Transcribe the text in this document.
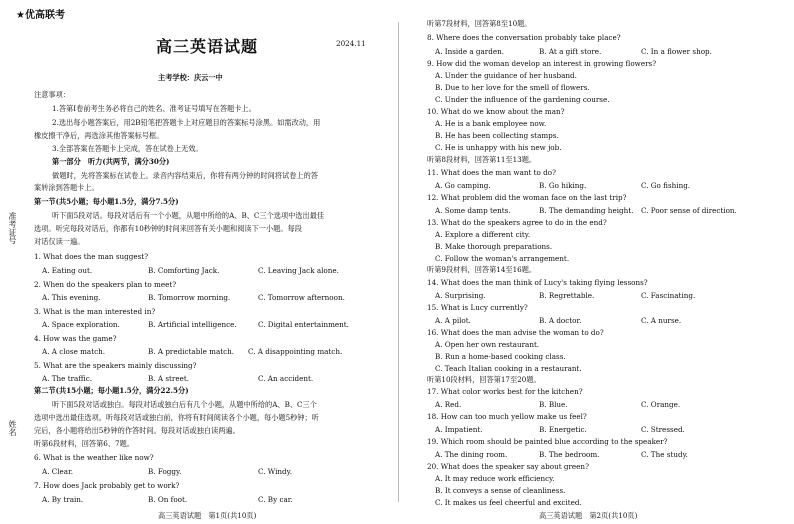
准考证号
姓名
★优高联考
高三英语试题	2024.11
主考学校：庆云一中
注意事项：
1.答第Ⅰ卷前考生务必将自己的姓名、准考证号填写在答题卡上。
2.选出每小题答案后，用2B铅笔把答题卡上对应题目的答案标号涂黑。如需改动，用
橡皮擦干净后，再选涂其他答案标号框。
3.全部答案在答题卡上完成，答在试卷上无效。
第一部分　听力(共两节，满分30分)
做题时，先将答案标在试卷上。录音内容结束后，你将有两分钟的时间将试卷上的答
案转涂到答题卡上。
第一节(共5小题；每小题1.5分，满分7.5分)
听下面5段对话。每段对话后有一个小题，从题中所给的A、B、C三个选项中选出最佳
选项。听完每段对话后，你都有10秒钟的时间来回答有关小题和阅读下一小题。每段
对话仅读一遍。
1. What does the man suggest?
A. Eating out.	B. Comforting Jack.	C. Leaving Jack alone.
2. When do the speakers plan to meet?
A. This evening.	B. Tomorrow morning.	C. Tomorrow afternoon.
3. What is the man interested in?
A. Space exploration.	B. Artificial intelligence.	C. Digital entertainment.
4. How was the game?
A. A close match.	B. A predictable match. C. A disappointing match.
5. What are the speakers mainly discussing?
A. The traffic.	B. A street.	C. An accident.
第二节(共15小题；每小题1.5分，满分22.5分)
听下面5段对话或独白。每段对话或独白后有几个小题，从题中所给的A、B、C三个
选项中选出最佳选项。听每段对话或独白前，你将有时间阅读各个小题，每小题5秒钟；听
完后，各小题将给出5秒钟的作答时间。每段对话或独白读两遍。
听第6段材料，回答第6、7题。
6. What is the weather like now?
A. Clear.	B. Foggy.	C. Windy.
7. How does Jack probably get to work?
A. By train.	B. On foot.	C. By car.
高三英语试题　第1页(共10页)
听第7段材料，回答第8至10题。
8. Where does the conversation probably take place?
A. Inside a garden.	B. At a gift store.	C. In a flower shop.
9. How did the woman develop an interest in growing flowers?
A. Under the guidance of her husband.
B. Due to her love for the smell of flowers.
C. Under the influence of the gardening course.
10. What do we know about the man?
A. He is a bank employee now.
B. He has been collecting stamps.
C. He is unhappy with his new job.
听第8段材料，回答第11至13题。
11. What does the man want to do?
A. Go camping.	B. Go hiking.	C. Go fishing.
12. What problem did the woman face on the last trip?
A. Some damp tents.	B. The demanding height. C. Poor sense of direction.
13. What do the speakers agree to do in the end?
A. Explore a different city.
B. Make thorough preparations.
C. Follow the woman's arrangement.
听第9段材料，回答第14至16题。
14. What does the man think of Lucy's taking flying lessons?
A. Surprising.	B. Regrettable.	C. Fascinating.
15. What is Lucy currently?
A. A pilot.	B. A doctor.	C. A nurse.
16. What does the man advise the woman to do?
A. Open her own restaurant.
B. Run a home-based cooking class.
C. Teach Italian cooking in a restaurant.
听第10段材料，回答第17至20题。
17. What color works best for the kitchen?
A. Red.	B. Blue.	C. Orange.
18. How can too much yellow make us feel?
A. Impatient.	B. Energetic.	C. Stressed.
19. Which room should be painted blue according to the speaker?
A. The dining room.	B. The bedroom.	C. The study.
20. What does the speaker say about green?
A. It may reduce work efficiency.
B. It conveys a sense of cleanliness.
C. It makes us feel cheerful and excited.
高三英语试题　第2页(共10页)
